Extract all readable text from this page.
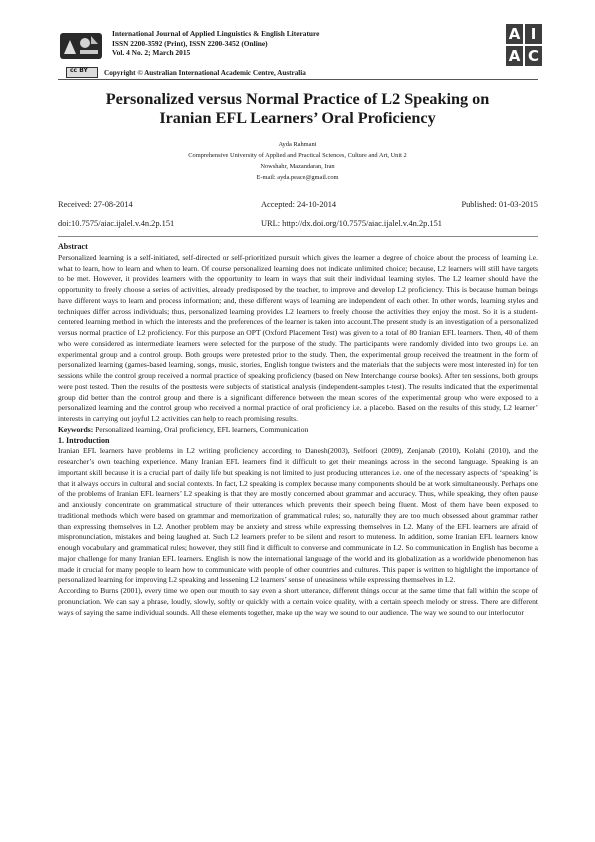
International Journal of Applied Linguistics & English Literature
ISSN 2200-3592 (Print), ISSN 2200-3452 (Online)
Vol. 4 No. 2; March 2015
cc BY Copyright © Australian International Academic Centre, Australia
A I
A C
Personalized versus Normal Practice of L2 Speaking on
Iranian EFL Learners’ Oral Proficiency
Ayda Rahmani
Comprehensive University of Applied and Practical Sciences, Culture and Art, Unit 2
Nowshahr, Mazandaran, Iran
E-mail: ayda.peace@gmail.com
Received: 27-08-2014	Accepted: 24-10-2014	Published: 01-03-2015
doi:10.7575/aiac.ijalel.v.4n.2p.151	URL: http://dx.doi.org/10.7575/aiac.ijalel.v.4n.2p.151
Abstract

Personalized learning is a self-initiated, self-directed or self-prioritized pursuit which gives the learner a degree of choice about the process of learning i.e. what to learn, how to learn and when to learn. Of course personalized learning does not indicate unlimited choice; because, L2 learners will still have targets to be met. However, it provides learners with the opportunity to learn in ways that suit their individual learning styles. The L2 learner should have the opportunity to freely choose a series of activities, already predisposed by the teacher, to improve and develop L2 proficiency. This is because human beings have different ways to learn and process information; and, these different ways of learning are independent of each other. In other words, learning styles and techniques differ across individuals; thus, personalized learning provides L2 learners to freely choose the activities they enjoy the most. So it is a student-centered learning method in which the interests and the preferences of the learner is taken into account.The present study is an investigation of a personalized versus normal practice of L2 proficiency. For this purpose an OPT (Oxford Placement Test) was given to a total of 80 Iranian EFL learners. Then, 40 of them who were considered as intermediate learners were selected for the purpose of the study. The participants were randomly divided into two groups i.e. an experimental group and a control group. Both groups were pretested prior to the study. Then, the experimental group received the treatment in the form of personalized learning (games-based learning, songs, music, stories, English tongue twisters and the materials that the subjects were most interested in) for ten sessions while the control group received a normal practice of speaking proficiency (based on New Interchange course books). After ten sessions, both groups were post tested. Then the results of the posttests were subjects of statistical analysis (independent-samples t-test). The results indicated that the experimental group did better than the control group and there is a significant difference between the mean scores of the experimental group who were exposed to a personalized learning and the control group who received a normal practice of oral proficiency i.e. a placebo. Based on the results of this study, L2 learner’ interests in carrying out joyful L2 activities can help to reach promising results.

Keywords: Personalized learning, Oral proficiency, EFL learners, Communication

1. Introduction

Iranian EFL learners have problems in L2 writing proficiency according to Danesh(2003), Seifoori (2009), Zenjanab (2010), Kolahi (2010), and the researcher’s own teaching experience. Many Iranian EFL learners find it difficult to get their meanings across in the second language. Speaking is an important skill because it is a crucial part of daily life but speaking is not limited to just producing utterances i.e. one of the necessary aspects of ‘speaking’ is that it always occurs in cultural and social contexts. In fact, L2 speaking is complex because many components should be at work simultaneously. Perhaps one of the problems of Iranian EFL learners’ L2 speaking is that they are mostly concerned about grammar and accuracy. Thus, while speaking, they often pause and anxiously concentrate on grammatical structure of their utterances which prevents their speech being fluent. Most of them have been exposed to traditional methods which were based on grammar and memorization of grammatical rules; so, naturally they are too much obsessed about grammar rather than expressing themselves in L2. Another problem may be anxiety and stress while expressing themselves in L2. Many of the EFL learners are afraid of mispronunciation, mistakes and being laughed at. Such L2 learners prefer to be silent and resort to muteness. In addition, some Iranian EFL learners know enough vocabulary and grammatical rules; however, they still find it difficult to converse and communicate in L2. So communication in English has become a major challenge for many Iranian EFL learners. English is now the international language of the world and its globalization as a worldwide phenomenon has made it crucial for many people to learn how to communicate with people of other countries and cultures. This paper is written to highlight the importance of personalized learning for improving L2 speaking and lessening L2 learners’ sense of uneasiness while expressing themselves in L2.

According to Burns (2001), every time we open our mouth to say even a short utterance, different things occur at the same time that fall within the scope of pronunciation. We can say a phrase, loudly, slowly, softly or quickly with a certain voice quality, with a certain speech melody or stress. There are different ways of saying the same individual sounds. All these elements together, make up the way we sound to our audience. The way we sound to our interlocutor
